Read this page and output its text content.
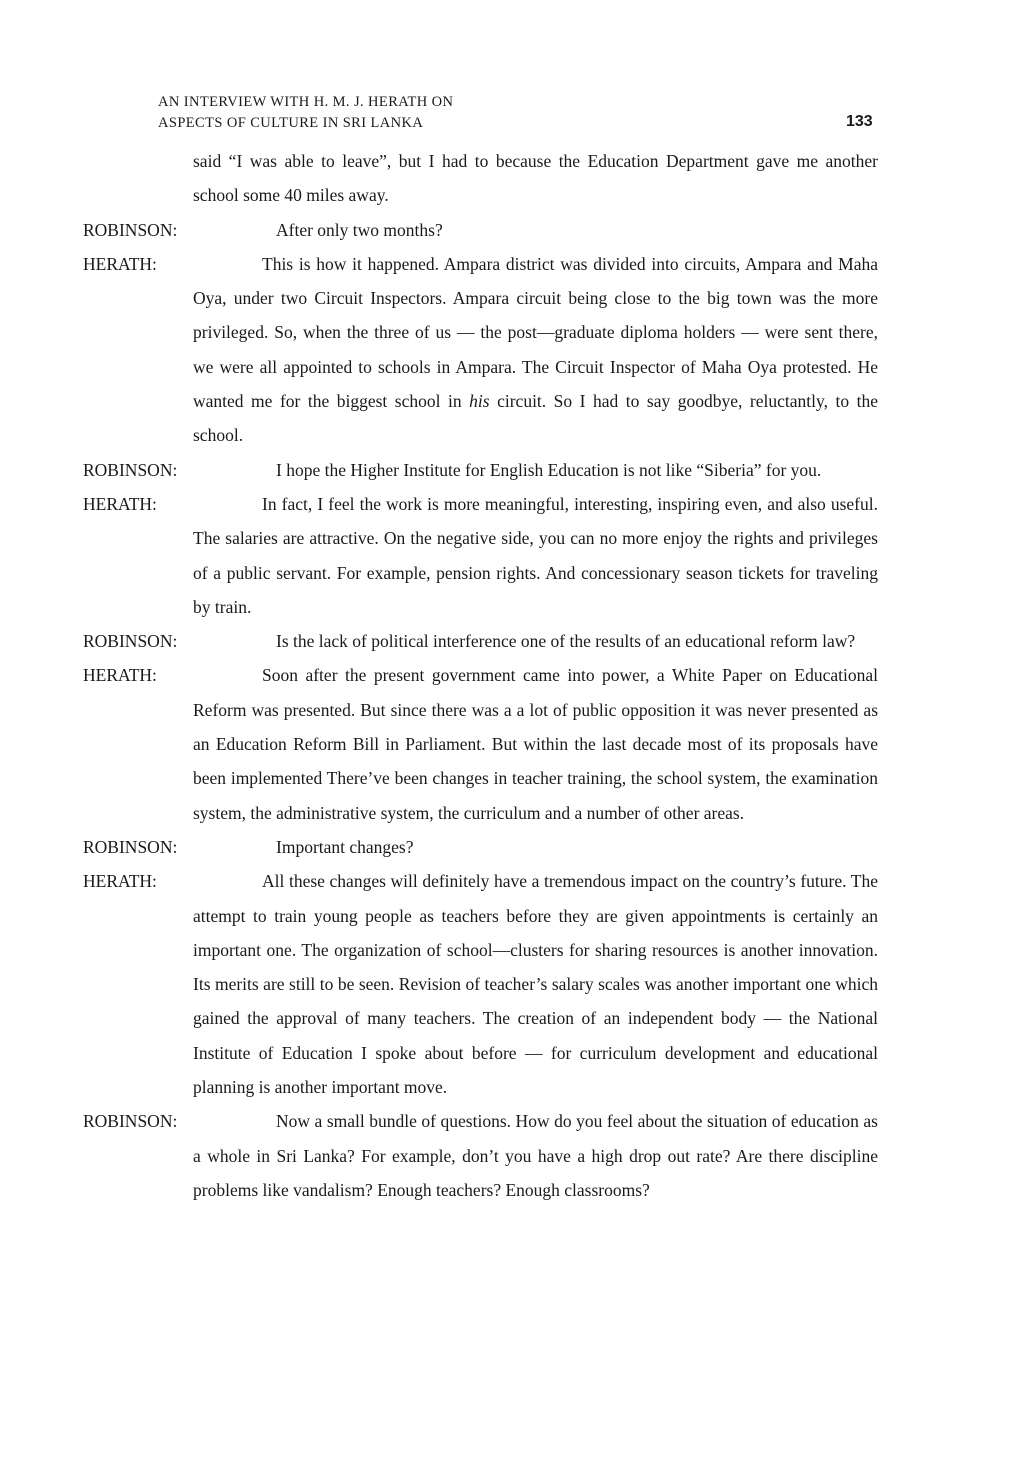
AN INTERVIEW WITH H. M. J. HERATH ON
ASPECTS OF CULTURE IN SRI LANKA	133

said “I was able to leave”, but I had to because the Education Department gave me another school some 40 miles away.

ROBINSON:	After only two months?

HERATH:	This is how it happened. Ampara district was divided into circuits, Ampara and Maha Oya, under two Circuit Inspectors. Ampara circuit being close to the big town was the more privileged. So, when the three of us — the post—graduate diploma holders — were sent there, we were all appointed to schools in Ampara. The Circuit Inspector of Maha Oya protested. He wanted me for the biggest school in his circuit. So I had to say goodbye, reluctantly, to the school.

ROBINSON:	I hope the Higher Institute for English Education is not like “Siberia” for you.

HERATH:	In fact, I feel the work is more meaningful, interesting, inspiring even, and also useful. The salaries are attractive. On the negative side, you can no more enjoy the rights and privileges of a public servant. For example, pension rights. And concessionary season tickets for traveling by train.

ROBINSON:	Is the lack of political interference one of the results of an educational reform law?

HERATH:	Soon after the present government came into power, a White Paper on Educational Reform was presented. But since there was a a lot of public opposition it was never presented as an Education Reform Bill in Parliament. But within the last decade most of its proposals have been implemented There’ve been changes in teacher training, the school system, the examination system, the administrative system, the curriculum and a number of other areas.

ROBINSON:	Important changes?

HERATH:	All these changes will definitely have a tremendous impact on the country’s future. The attempt to train young people as teachers before they are given appointments is certainly an important one. The organization of school—clusters for sharing resources is another innovation. Its merits are still to be seen. Revision of teacher’s salary scales was another important one which gained the approval of many teachers. The creation of an independent body — the National Institute of Education I spoke about before — for curriculum development and educational planning is another important move.

ROBINSON:	Now a small bundle of questions. How do you feel about the situation of education as a whole in Sri Lanka? For example, don’t you have a high drop out rate? Are there discipline problems like vandalism? Enough teachers? Enough classrooms?
